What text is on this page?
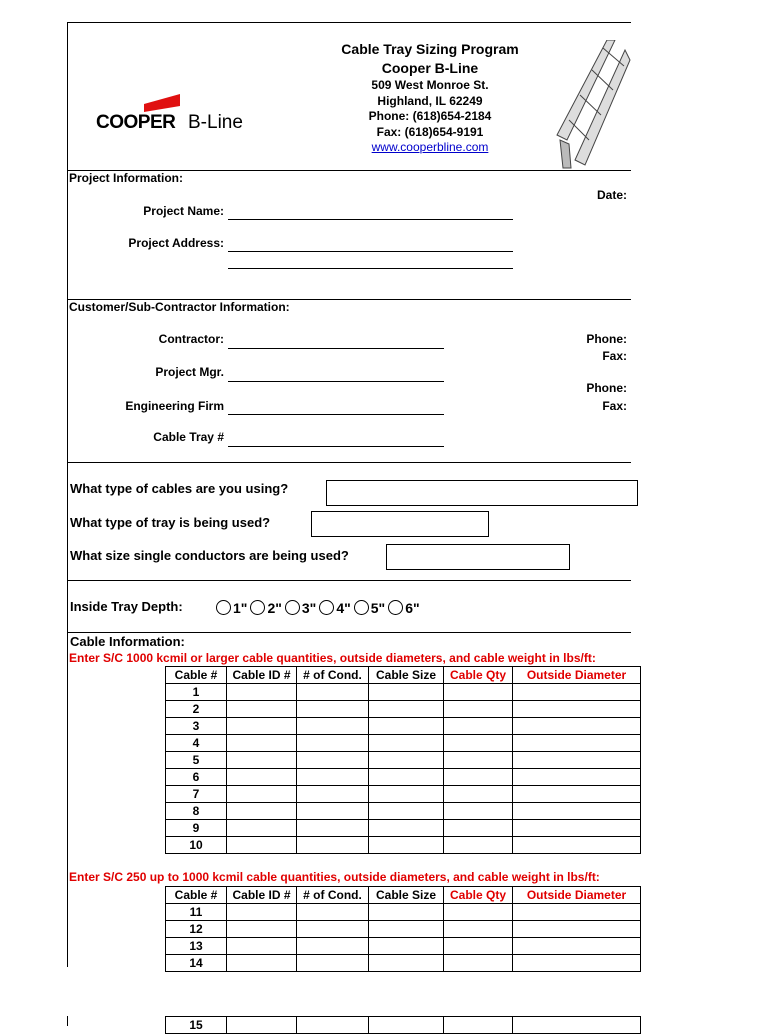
COOPER B-Line
Cable Tray Sizing Program
Cooper B-Line
509 West Monroe St.
Highland, IL 62249
Phone: (618)654-2184
Fax: (618)654-9191
www.cooperbline.com
Project Information:
Date:
Project Name:
Project Address:
Customer/Sub-Contractor Information:
Contractor:
Project Mgr.
Engineering Firm
Cable Tray #
Phone:
Fax:
Phone:
Fax:
What type of cables are you using?
What type of tray is being used?
What size single conductors are being used?
Inside Tray Depth:	1" 2" 3" 4" 5" 6"
Cable Information:
Enter S/C 1000 kcmil or larger cable quantities, outside diameters, and cable weight in lbs/ft:
Cable #	Cable ID #	# of Cond.	Cable Size	Cable Qty	Outside Diameter
1					
2					
3					
4					
5					
6					
7					
8					
9					
10					
Enter S/C 250 up to 1000 kcmil cable quantities, outside diameters, and cable weight in lbs/ft:
Cable #	Cable ID #	# of Cond.	Cable Size	Cable Qty	Outside Diameter
11					
12					
13					
14					
15					
